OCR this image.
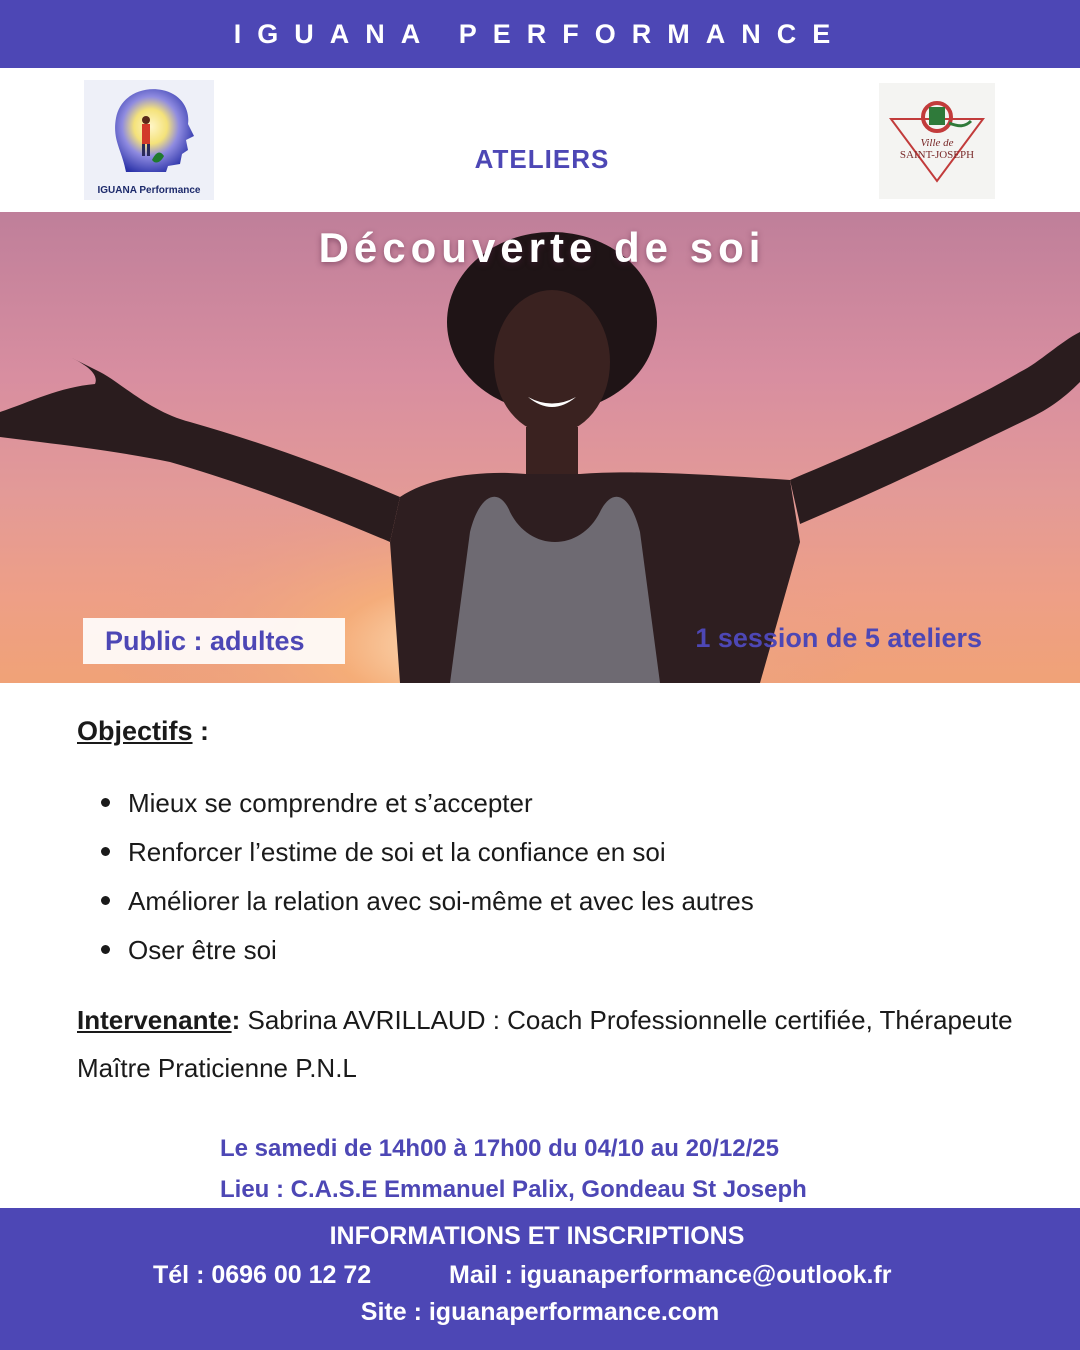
IGUANA PERFORMANCE
IGUANA Performance
ATELIERS
Ville de
SAINT-JOSEPH
Découverte de soi
Public : adultes	1 session de 5 ateliers
Objectifs :
Mieux se comprendre et s’accepter
Renforcer l’estime de soi et la confiance en soi
Améliorer la relation avec soi-même et avec les autres
Oser être soi
Intervenante: Sabrina AVRILLAUD : Coach Professionnelle certifiée, Thérapeute Maître Praticienne P.N.L
Le samedi de 14h00 à 17h00 du 04/10 au 20/12/25
Lieu : C.A.S.E Emmanuel Palix, Gondeau St Joseph
INFORMATIONS ET INSCRIPTIONS
Tél : 0696 00 12 72	Mail : iguanaperformance@outlook.fr
Site : iguanaperformance.com
